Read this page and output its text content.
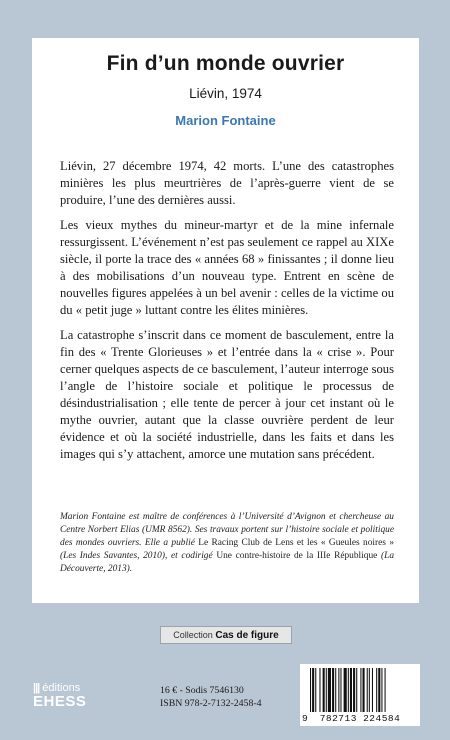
Fin d’un monde ouvrier
Liévin, 1974
Marion Fontaine

Liévin, 27 décembre 1974, 42 morts. L’une des catastrophes minières les plus meurtrières de l’après-guerre vient de se produire, l’une des dernières aussi.

Les vieux mythes du mineur-martyr et de la mine infernale ressurgissent. L’événement n’est pas seulement ce rappel au XIXe siècle, il porte la trace des « années 68 » finissantes ; il donne lieu à des mobilisations d’un nouveau type. Entrent en scène de nouvelles figures appelées à un bel avenir : celles de la victime ou du « petit juge » luttant contre les élites minières.

La catastrophe s’inscrit dans ce moment de basculement, entre la fin des « Trente Glorieuses » et l’entrée dans la « crise ». Pour cerner quelques aspects de ce basculement, l’auteur interroge sous l’angle de l’histoire sociale et politique le processus de désindustrialisation ; elle tente de percer à jour cet instant où le mythe ouvrier, autant que la classe ouvrière perdent de leur évidence et où la société industrielle, dans les faits et dans les images qui s’y attachent, amorce une mutation sans précédent.

Marion Fontaine est maître de conférences à l’Université d’Avignon et chercheuse au Centre Norbert Elias (UMR 8562). Ses travaux portent sur l’histoire sociale et politique des mondes ouvriers. Elle a publié Le Racing Club de Lens et les « Gueules noires » (Les Indes Savantes, 2010), et codirigé Une contre-histoire de la IIIe République (La Découverte, 2013).
Collection Cas de figure
||| éditions
EHESS
16 € - Sodis 7546130
ISBN 978-2-7132-2458-4
9	782713 224584
